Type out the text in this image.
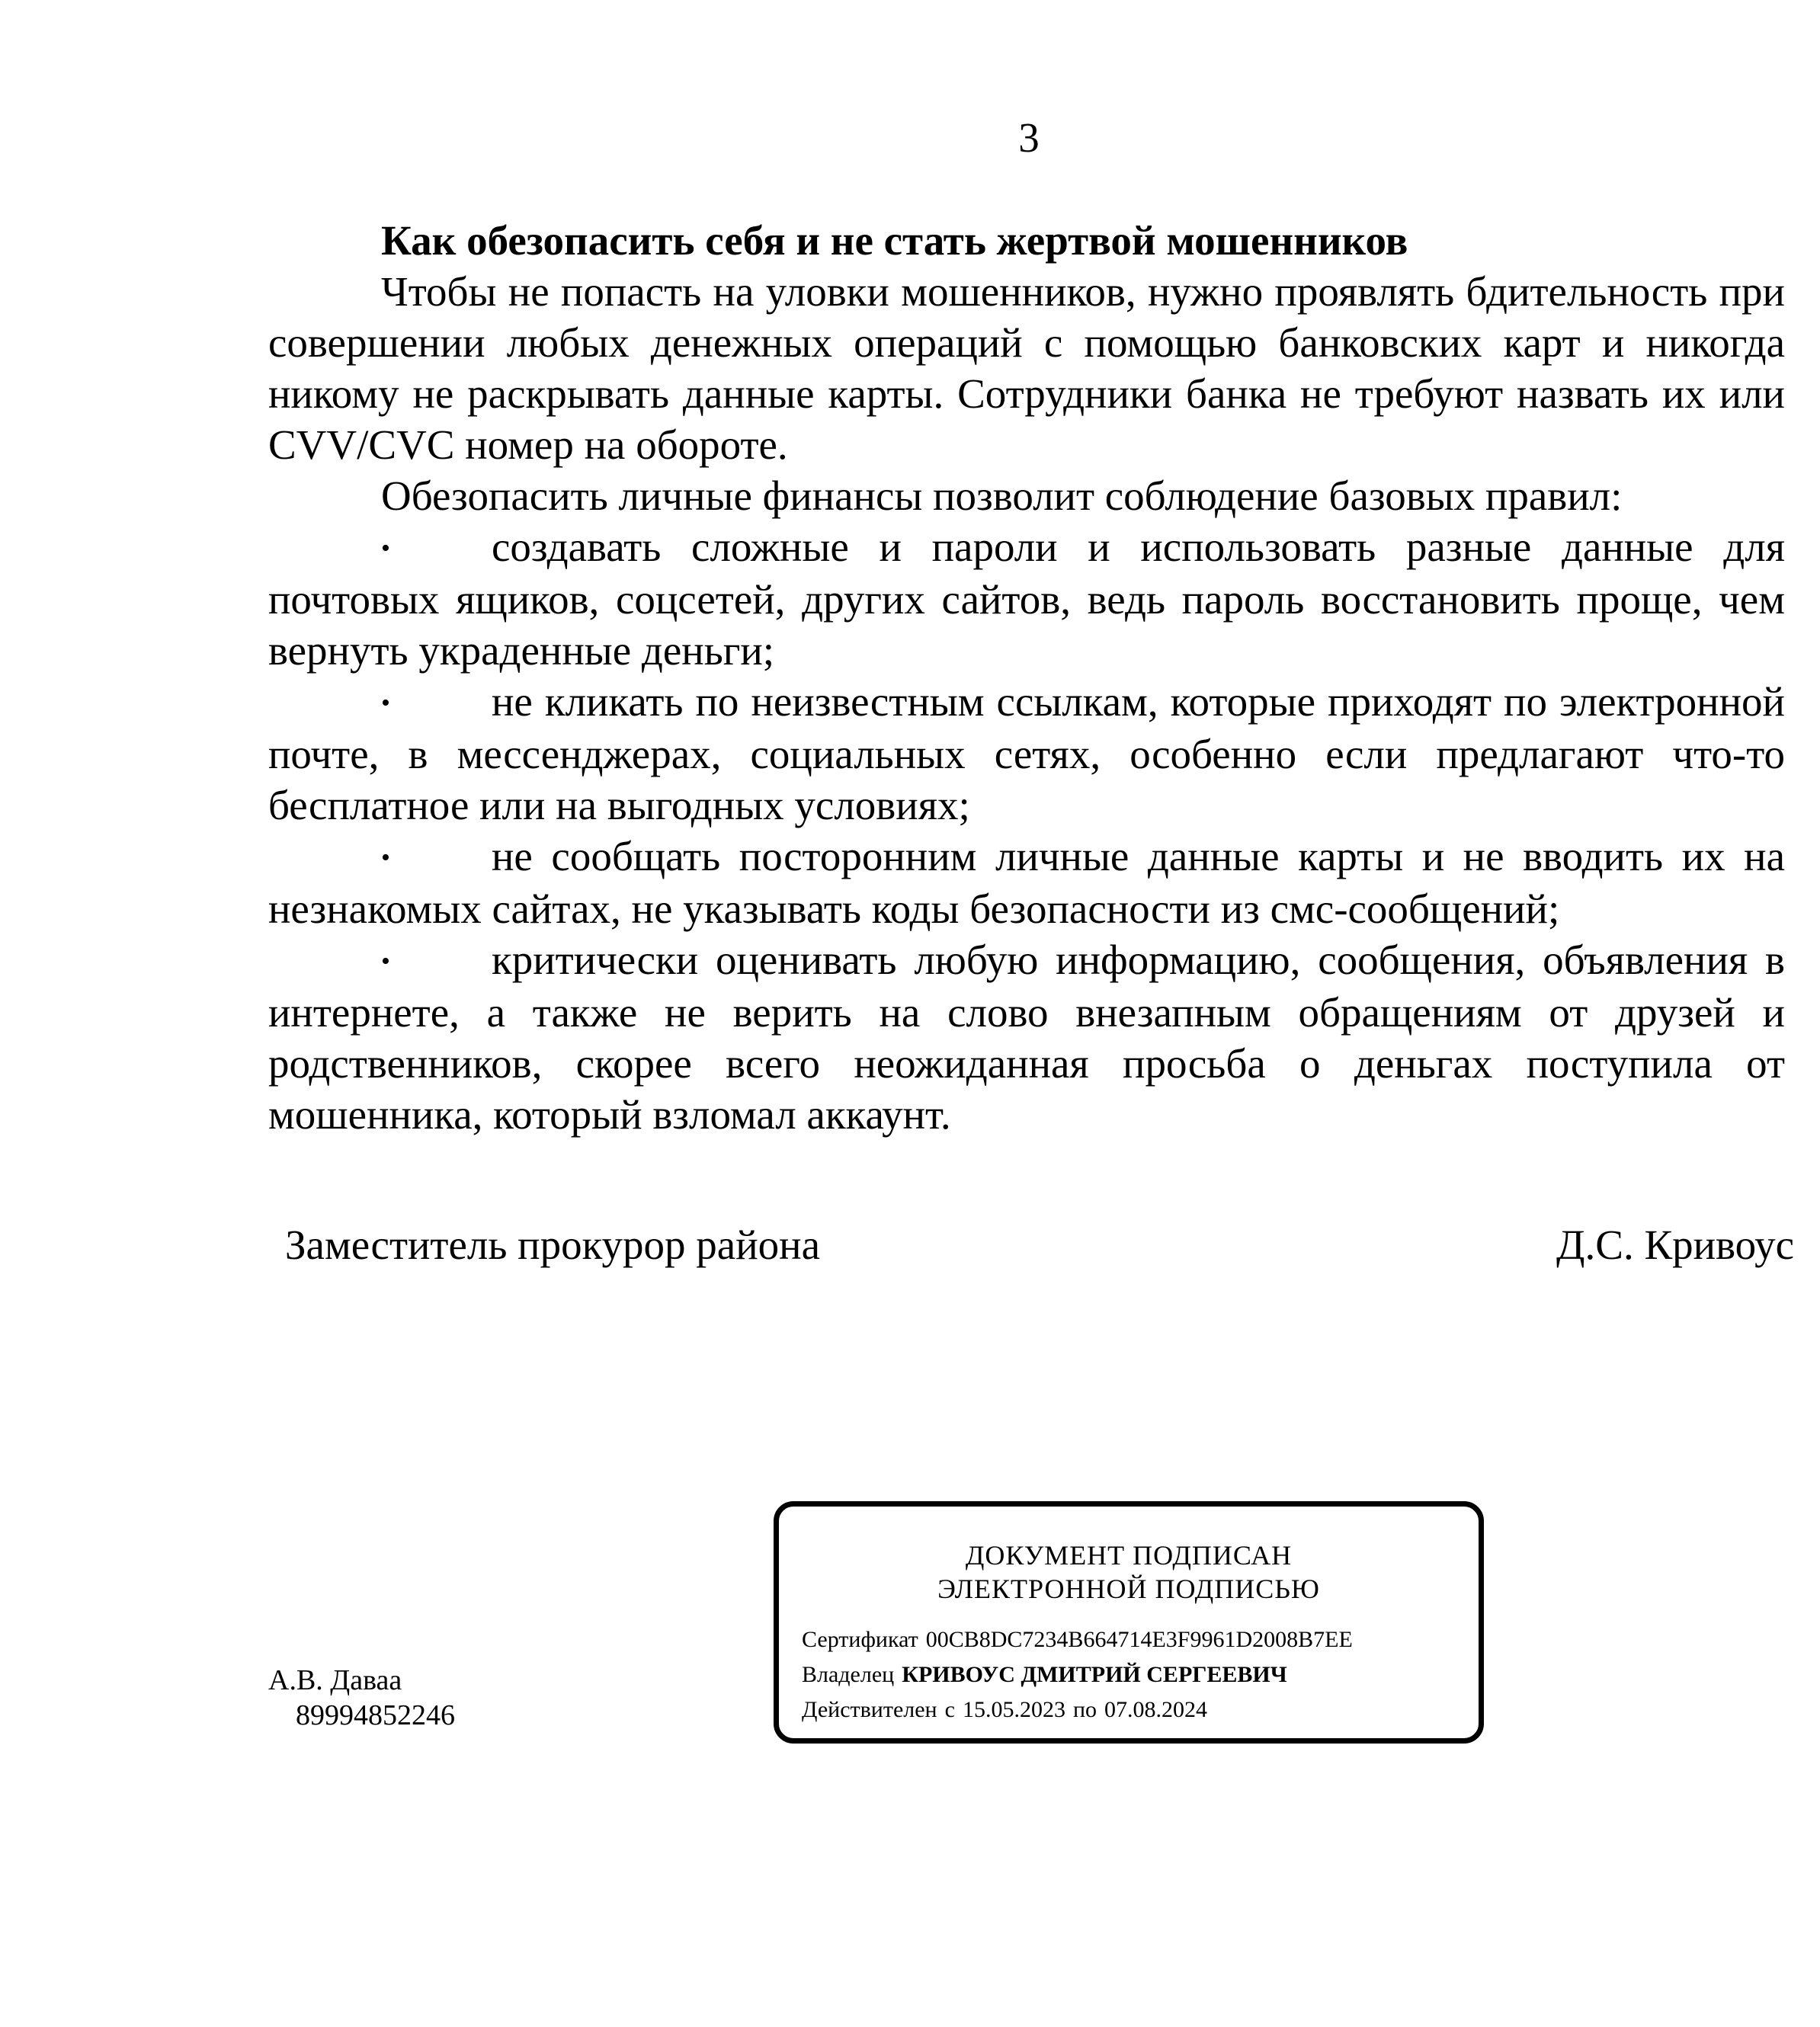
3

Как обезопасить себя и не стать жертвой мошенников

Чтобы не попасть на уловки мошенников, нужно проявлять бдительность при совершении любых денежных операций с помощью банковских карт и никогда никому не раскрывать данные карты. Сотрудники банка не требуют назвать их или CVV/CVC номер на обороте.

Обезопасить личные финансы позволит соблюдение базовых правил:

• создавать сложные и пароли и использовать разные данные для почтовых ящиков, соцсетей, других сайтов, ведь пароль восстановить проще, чем вернуть украденные деньги;

• не кликать по неизвестным ссылкам, которые приходят по электронной почте, в мессенджерах, социальных сетях, особенно если предлагают что-то бесплатное или на выгодных условиях;

• не сообщать посторонним личные данные карты и не вводить их на незнакомых сайтах, не указывать коды безопасности из смс-сообщений;

• критически оценивать любую информацию, сообщения, объявления в интернете, а также не верить на слово внезапным обращениям от друзей и родственников, скорее всего неожиданная просьба о деньгах поступила от мошенника, который взломал аккаунт.

Заместитель прокурор района	Д.С. Кривоус
А.В. Даваа
89994852246
ДОКУМЕНТ ПОДПИСАН
ЭЛЕКТРОННОЙ ПОДПИСЬЮ
Сертификат 00CB8DC7234B664714E3F9961D2008B7EE
Владелец КРИВОУС ДМИТРИЙ СЕРГЕЕВИЧ
Действителен с 15.05.2023 по 07.08.2024
